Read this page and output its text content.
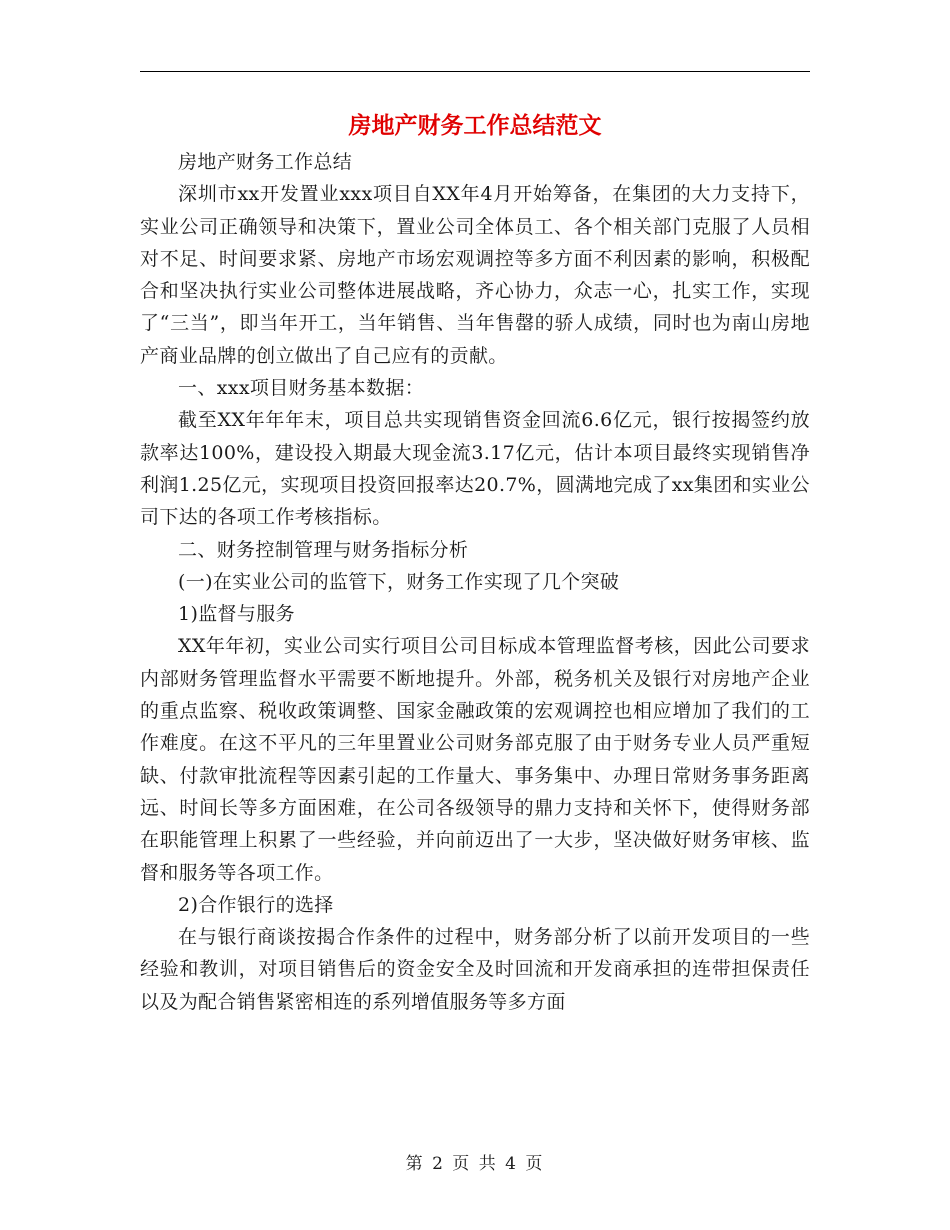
房地产财务工作总结范文

房地产财务工作总结

深圳市xx开发置业xxx项目自XX年4月开始筹备，在集团的大力支持下，实业公司正确领导和决策下，置业公司全体员工、各个相关部门克服了人员相对不足、时间要求紧、房地产市场宏观调控等多方面不利因素的影响，积极配合和坚决执行实业公司整体进展战略，齐心协力，众志一心，扎实工作，实现了“三当”，即当年开工，当年销售、当年售罄的骄人成绩，同时也为南山房地产商业品牌的创立做出了自己应有的贡献。

一、xxx项目财务基本数据：

截至XX年年年末，项目总共实现销售资金回流6.6亿元，银行按揭签约放款率达100%，建设投入期最大现金流3.17亿元，估计本项目最终实现销售净利润1.25亿元，实现项目投资回报率达20.7%，圆满地完成了xx集团和实业公司下达的各项工作考核指标。

二、财务控制管理与财务指标分析

(一)在实业公司的监管下，财务工作实现了几个突破

1)监督与服务

XX年年初，实业公司实行项目公司目标成本管理监督考核，因此公司要求内部财务管理监督水平需要不断地提升。外部，税务机关及银行对房地产企业的重点监察、税收政策调整、国家金融政策的宏观调控也相应增加了我们的工作难度。在这不平凡的三年里置业公司财务部克服了由于财务专业人员严重短缺、付款审批流程等因素引起的工作量大、事务集中、办理日常财务事务距离远、时间长等多方面困难，在公司各级领导的鼎力支持和关怀下，使得财务部在职能管理上积累了一些经验，并向前迈出了一大步，坚决做好财务审核、监督和服务等各项工作。

2)合作银行的选择

在与银行商谈按揭合作条件的过程中，财务部分析了以前开发项目的一些经验和教训，对项目销售后的资金安全及时回流和开发商承担的连带担保责任以及为配合销售紧密相连的系列增值服务等多方面

第 2 页 共 4 页
